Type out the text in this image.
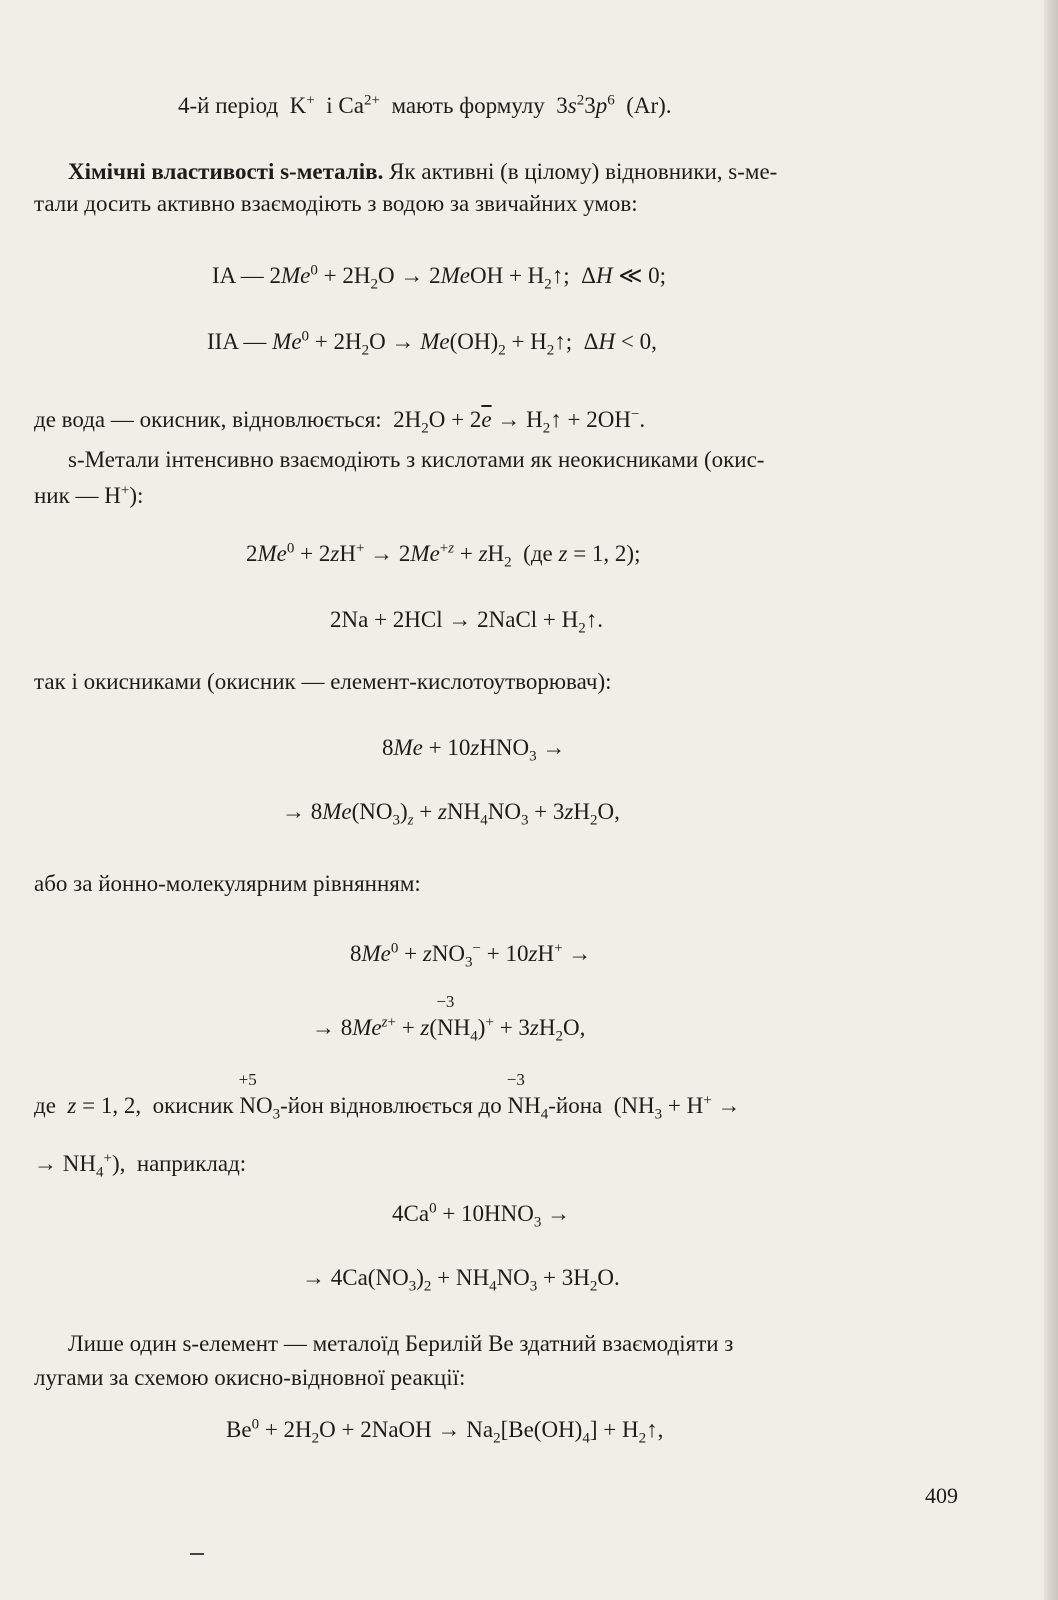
4-й період  K+ і $Ca^{2+}$ мають формулу  $3s^23p^6$ (Ar).
Хімічні властивості s-металів. Як активні (в цілому) відновники, s-ме-
тали досить активно взаємодіють з водою за звичайних умов:
IA — $2Me^0 + 2H_2O$ → 2MeOH + $H_2↑$;  ΔH ≪ 0;
IIA — $Me^0 + 2H_2O \to Me(OH)_2$ + $H_2↑$;  ΔH < 0,
де вода — окисник, відновлюється:  $2H_2O + 2\overline{e}$ → $H_2↑ + 2OH^-$.
s-Метали інтенсивно взаємодіють з кислотами як неокисниками (окис-
ник — H+):
$2Me^0 + 2zH^+ \to 2Me^{+z} + zH_2$ (де z = 1, 2);
2Na + 2HCl → 2NaCl + $H_2↑$.
так і окисниками (окисник — елемент-кислотоутворювач):
8Me + 10zHNO$_3$ →
→ $8Me(NO_3)_z + zNH_4NO_3 + 3zH_2O$,
або за йонно-молекулярним рівнянням:
$8Me^0 + zNO_3^- + 10zH^+$ →
→ $8Me^{z+} + z(N$
−3
$H_4)^+ + 3zH_2O$,
де z = 1, 2,  окисник N
+5
$O_3$-йон відновлюється до N
−3
$H_4$-йона  ($NH_3 + H^+$ →
→ $NH_4^+$),  наприклад:
$4Ca^0 + 10HNO_3$ →
→ $4Ca(NO_3)_2 + NH_4NO_3 + 3H_2O$.
Лише один s-елемент — металоїд Берилій Be здатний взаємодіяти з
лугами за схемою окисно-відновної реакції:
$Be^0 + 2H_2O$ + 2NaOH → $Na_2[Be(OH)_4]$ + $H_2↑$,
409
